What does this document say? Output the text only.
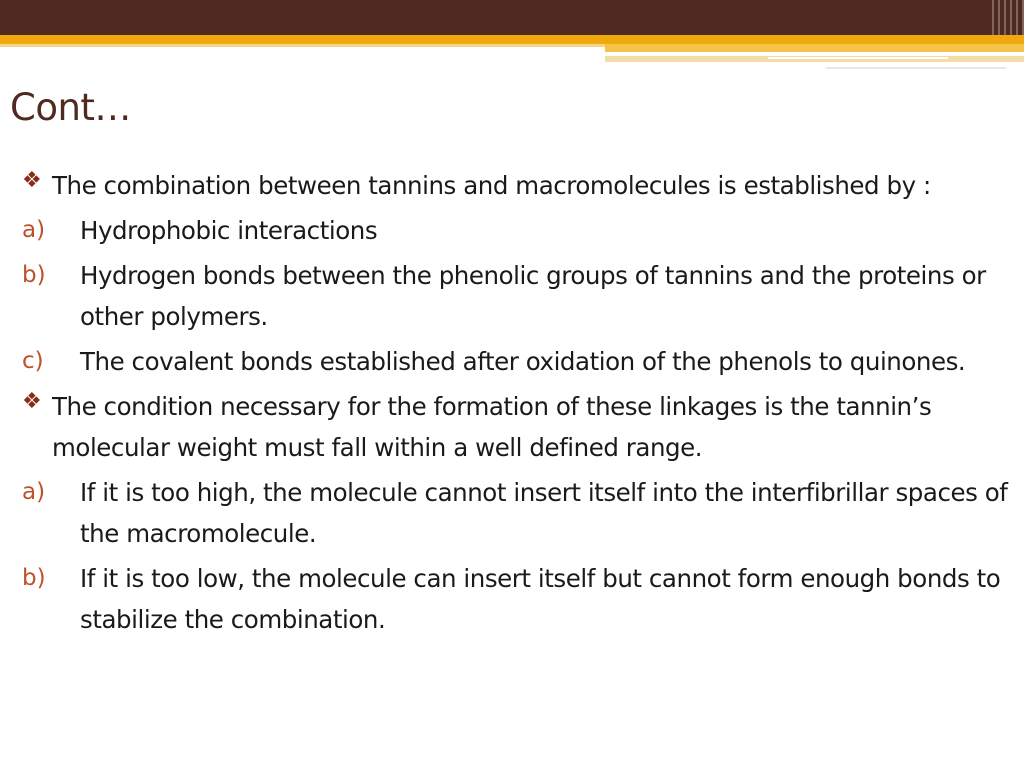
Cont…
❖ The combination between tannins and macromolecules is established by :
a) Hydrophobic interactions
b) Hydrogen bonds between the phenolic groups of tannins and the proteins or other polymers.
c) The covalent bonds established after oxidation of the phenols to quinones.
❖ The condition necessary for the formation of these linkages is the tannin’s molecular weight must fall within a well defined range.
a) If it is too high, the molecule cannot insert itself into the interfibrillar spaces of the macromolecule.
b) If it is too low, the molecule can insert itself but cannot form enough bonds to stabilize the combination.
